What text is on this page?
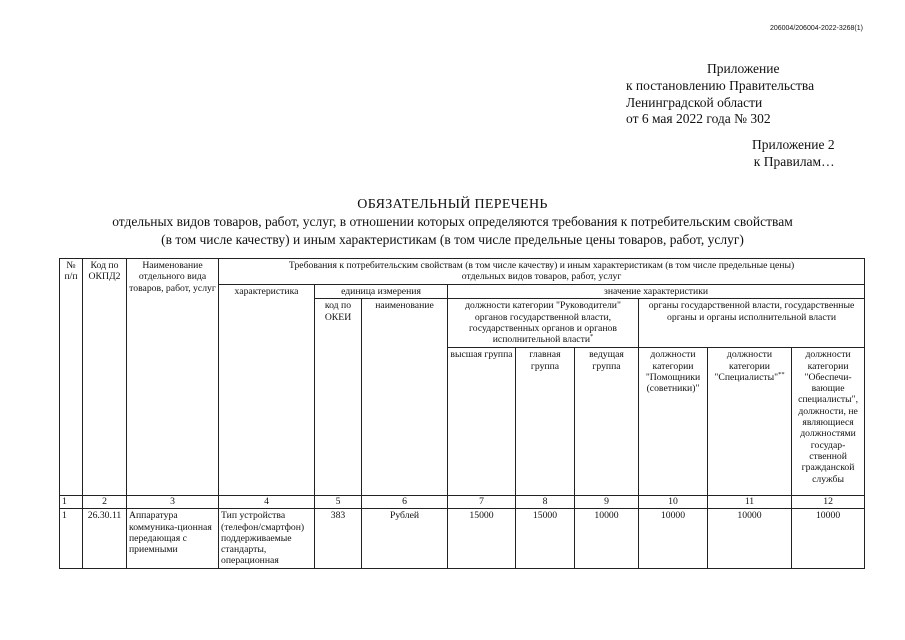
206004/206004-2022-3268(1)
Приложение
к постановлению Правительства
Ленинградской области
от 6 мая 2022 года № 302
Приложение 2
к Правилам…
ОБЯЗАТЕЛЬНЫЙ ПЕРЕЧЕНЬ
отдельных видов товаров, работ, услуг, в отношении которых определяются требования к потребительским свойствам
(в том числе качеству) и иным характеристикам (в том числе предельные цены товаров, работ, услуг)
№ п/п	Код по ОКПД2	Наименование отдельного вида товаров, работ, услуг	Требования к потребительским свойствам (в том числе качеству) и иным характеристикам (в том числе предельные цены)
отдельных видов товаров, работ, услуг								

			характеристика	единица измерения		значение характеристики					
				код по ОКЕИ	наименование	должности категории "Руководители" органов государственной власти, государственных органов и органов исполнительной власти*			органы государственной власти, государственные органы и органы исполнительной власти		
						высшая группа	главная группа	ведущая группа	должности категории "Помощники (советники)"	должности категории "Специалисты"**	должности категории "Обеспечи-вающие специалисты", должности, не являющиеся должностями государ-ственной гражданской службы
1	2	3	4	5	6	7	8	9	10	11	12
1	26.30.11	Аппаратура коммуника-ционная передающая с приемными	Тип устройства (телефон/смартфон) поддерживаемые стандарты, операционная	383	Рублей	15000	15000	10000	10000	10000	10000
